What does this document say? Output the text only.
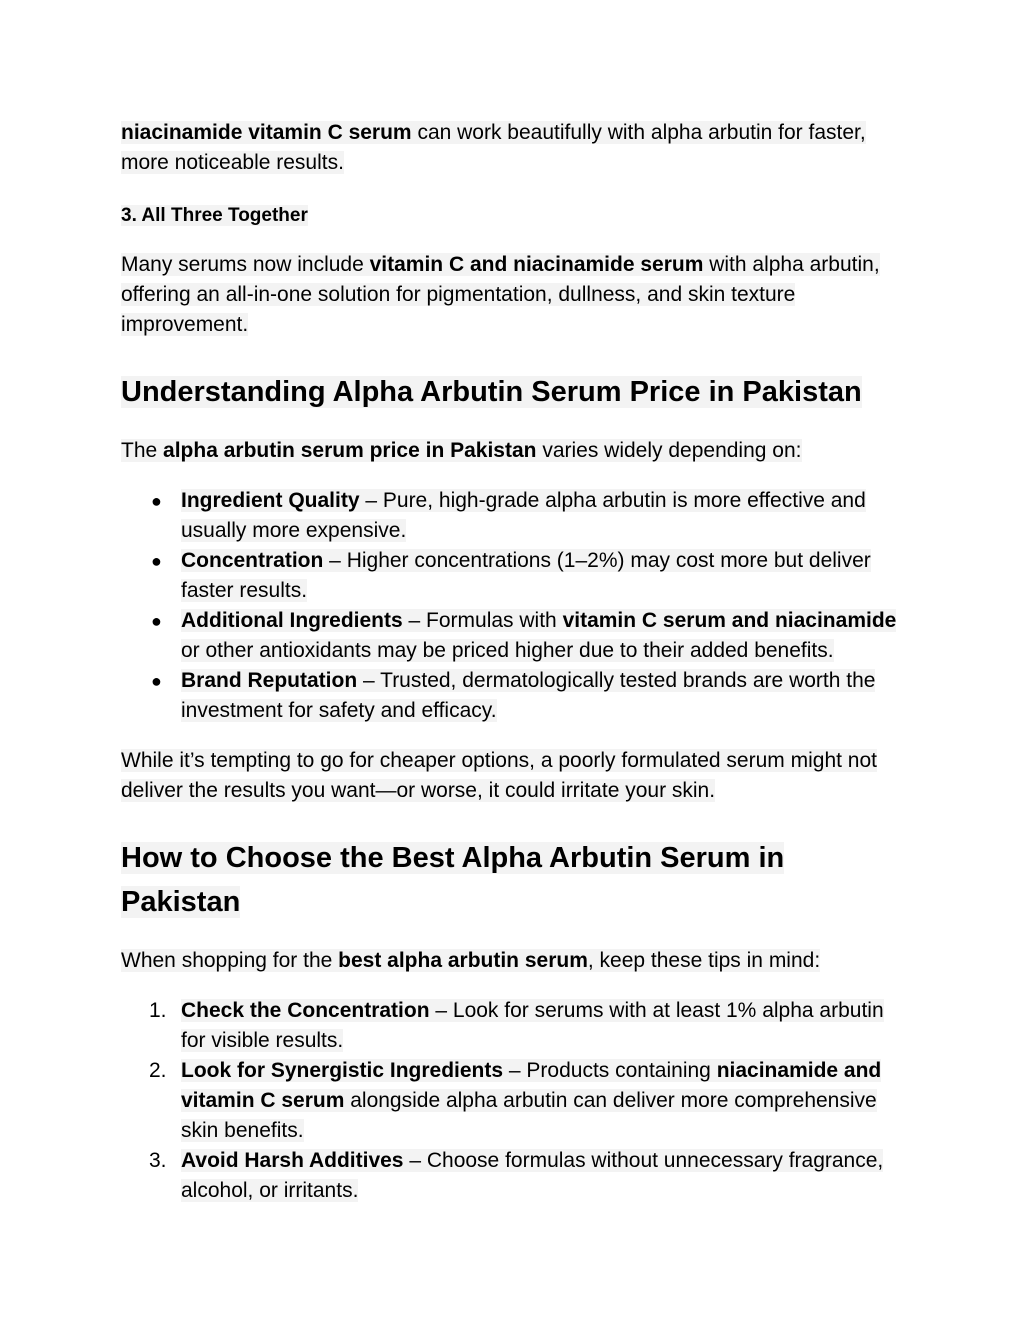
niacinamide vitamin C serum can work beautifully with alpha arbutin for faster, more noticeable results.

3. All Three Together

Many serums now include vitamin C and niacinamide serum with alpha arbutin, offering an all-in-one solution for pigmentation, dullness, and skin texture improvement.

Understanding Alpha Arbutin Serum Price in Pakistan

The alpha arbutin serum price in Pakistan varies widely depending on:

● Ingredient Quality – Pure, high-grade alpha arbutin is more effective and usually more expensive.
● Concentration – Higher concentrations (1–2%) may cost more but deliver faster results.
● Additional Ingredients – Formulas with vitamin C serum and niacinamide or other antioxidants may be priced higher due to their added benefits.
● Brand Reputation – Trusted, dermatologically tested brands are worth the investment for safety and efficacy.

While it’s tempting to go for cheaper options, a poorly formulated serum might not deliver the results you want—or worse, it could irritate your skin.

How to Choose the Best Alpha Arbutin Serum in Pakistan

When shopping for the best alpha arbutin serum, keep these tips in mind:

1. Check the Concentration – Look for serums with at least 1% alpha arbutin for visible results.
2. Look for Synergistic Ingredients – Products containing niacinamide and vitamin C serum alongside alpha arbutin can deliver more comprehensive skin benefits.
3. Avoid Harsh Additives – Choose formulas without unnecessary fragrance, alcohol, or irritants.
